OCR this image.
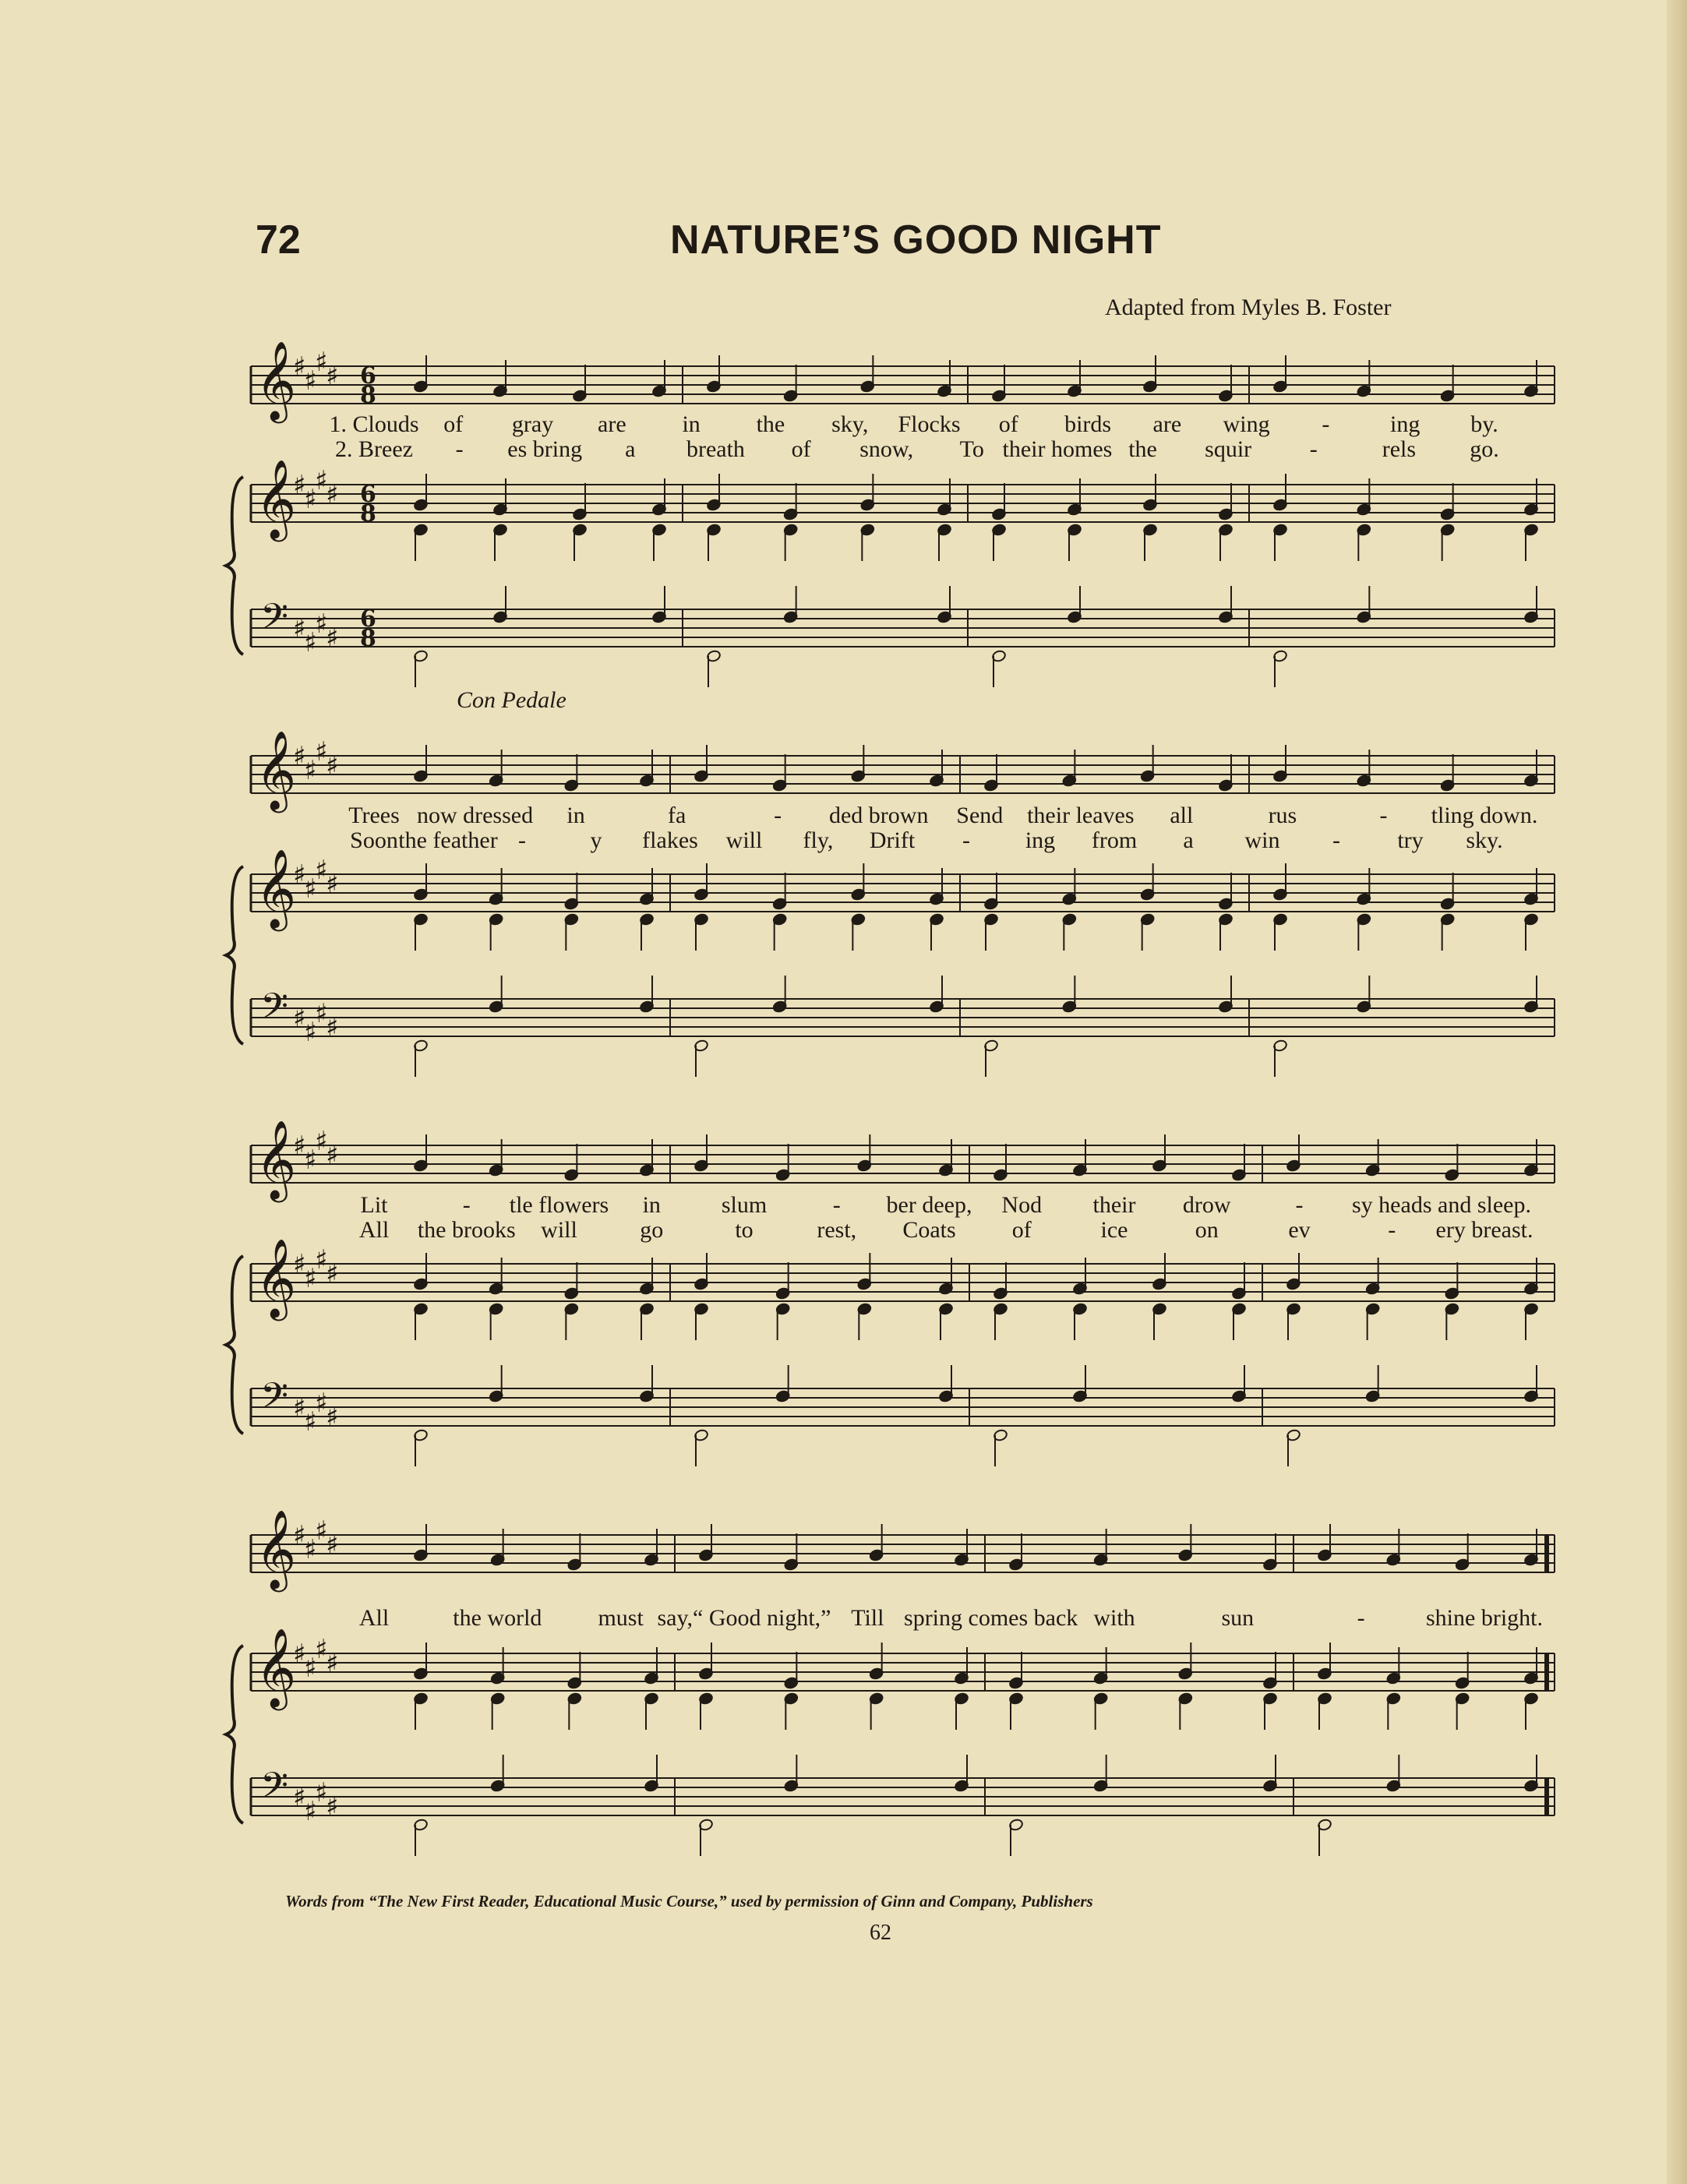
72	NATURE’S GOOD NIGHT
Adapted from Myles B. Foster
𝄞
𝄞
𝄢
♯
♯
♯
♯
♯
♯
♯
♯
♯
♯
♯
♯
6
8
6
8
6
8
𝄞
𝄞
𝄢
♯
♯
♯
♯
♯
♯
♯
♯
♯
♯
♯
♯
𝄞
𝄞
𝄢
♯
♯
♯
♯
♯
♯
♯
♯
♯
♯
♯
♯
𝄞
𝄞
𝄢
♯
♯
♯
♯
♯
♯
♯
♯
♯
♯
♯
♯
Con Pedale
1. Clouds of gray are in the sky, Flocks of birds are wing -	ing by.
2. Breez - es bring a breath of snow, To their homes the squir -	rels go.
Trees now dressed in	fa	- ded brown Send their leaves all	rus	- tling down.
Soon the feather -	y flakes will fly, Drift - ing from a win - try sky.
Lit	- tle flowers in	slum	- ber deep, Nod their drow	- sy heads and sleep.
All the brooks will	go	to	rest, Coats of	ice	on	ev	- ery breast.
All	the world must say,“ Good night,” Till spring comes back with	sun	-	shine bright.
Words from “The New First Reader, Educational Music Course,” used by permission of Ginn and Company, Publishers
62
